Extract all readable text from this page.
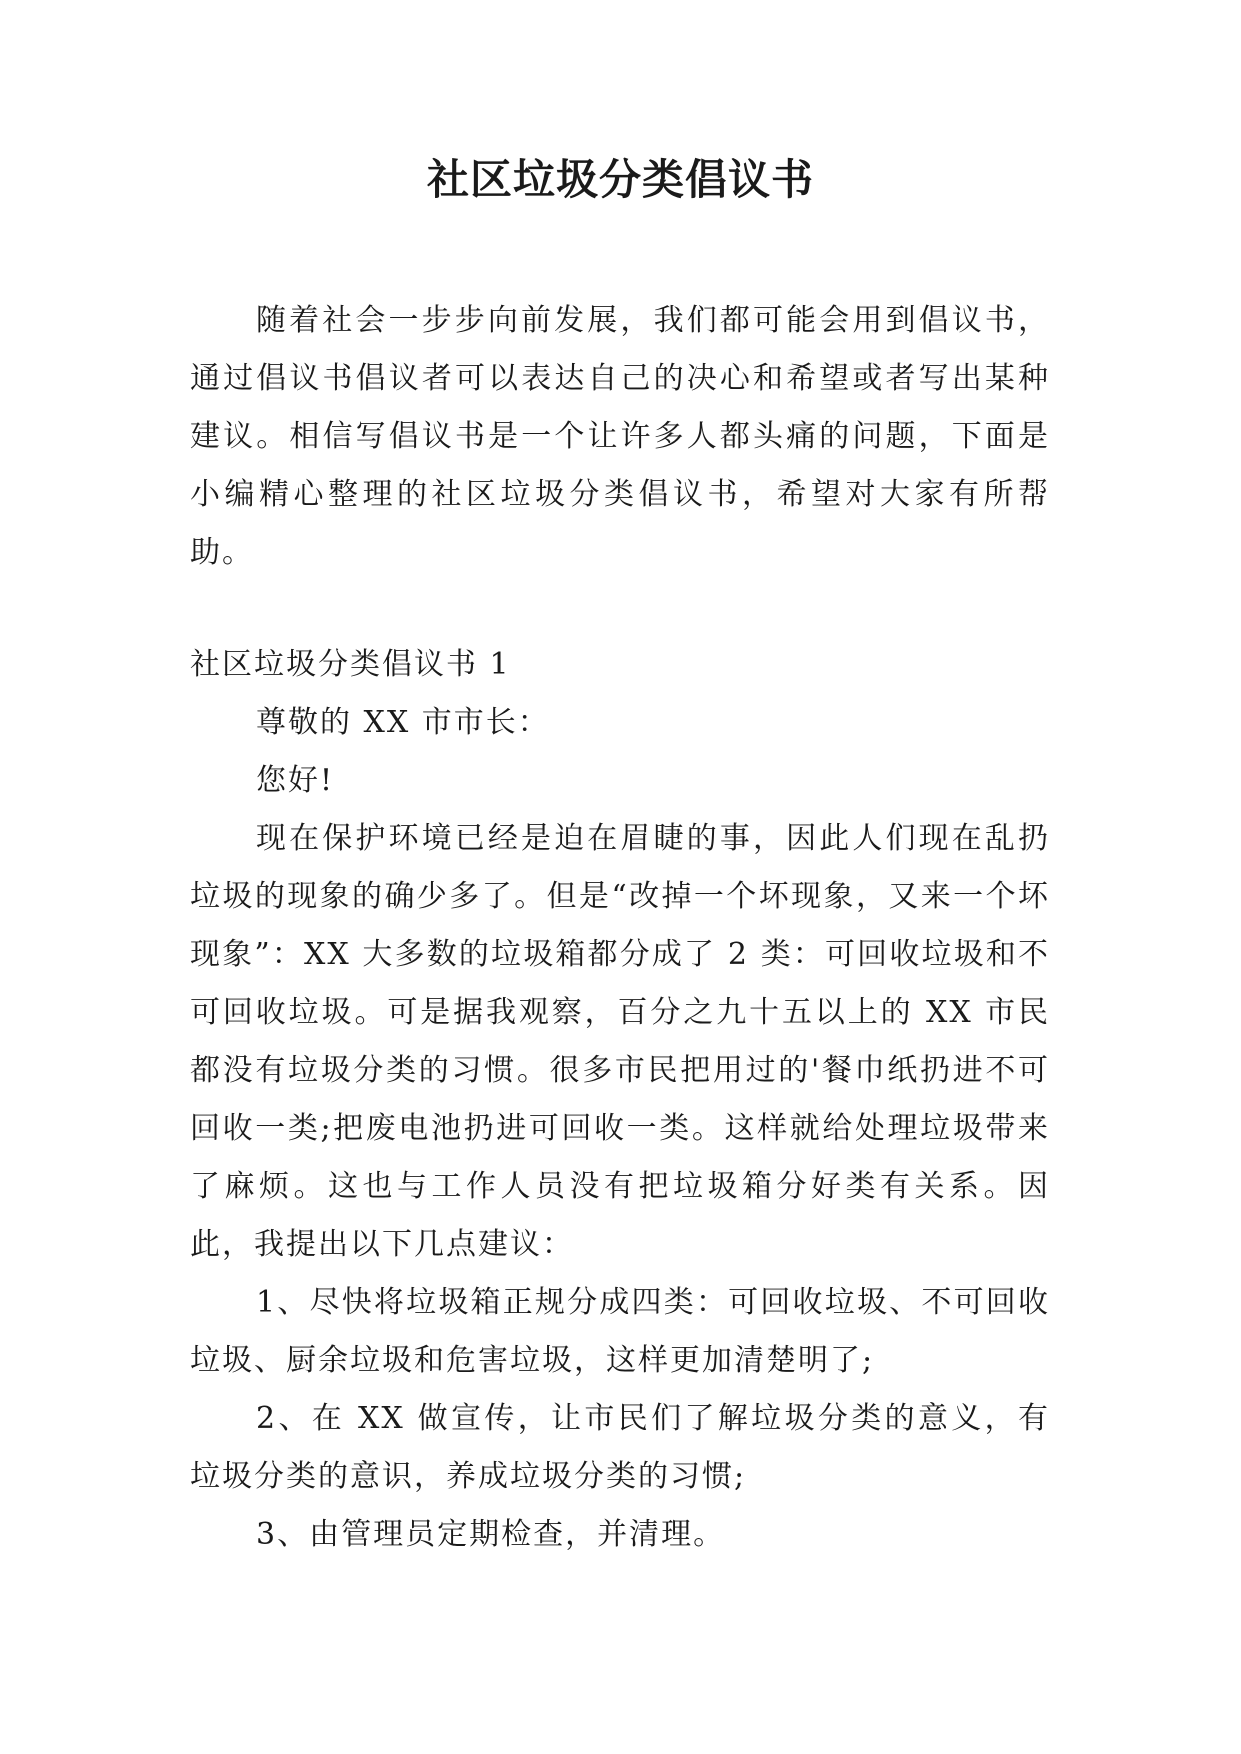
社区垃圾分类倡议书

随着社会一步步向前发展，我们都可能会用到倡议书，通过倡议书倡议者可以表达自己的决心和希望或者写出某种建议。相信写倡议书是一个让许多人都头痛的问题，下面是小编精心整理的社区垃圾分类倡议书，希望对大家有所帮助。

社区垃圾分类倡议书 1

尊敬的 XX 市市长：

您好!

现在保护环境已经是迫在眉睫的事，因此人们现在乱扔垃圾的现象的确少多了。但是“改掉一个坏现象，又来一个坏现象”：XX 大多数的垃圾箱都分成了 2 类：可回收垃圾和不可回收垃圾。可是据我观察，百分之九十五以上的 XX 市民都没有垃圾分类的习惯。很多市民把用过的'餐巾纸扔进不可回收一类;把废电池扔进可回收一类。这样就给处理垃圾带来了麻烦。这也与工作人员没有把垃圾箱分好类有关系。因此，我提出以下几点建议：

1、尽快将垃圾箱正规分成四类：可回收垃圾、不可回收垃圾、厨余垃圾和危害垃圾，这样更加清楚明了;

2、在 XX 做宣传，让市民们了解垃圾分类的意义，有垃圾分类的意识，养成垃圾分类的习惯;

3、由管理员定期检查，并清理。
